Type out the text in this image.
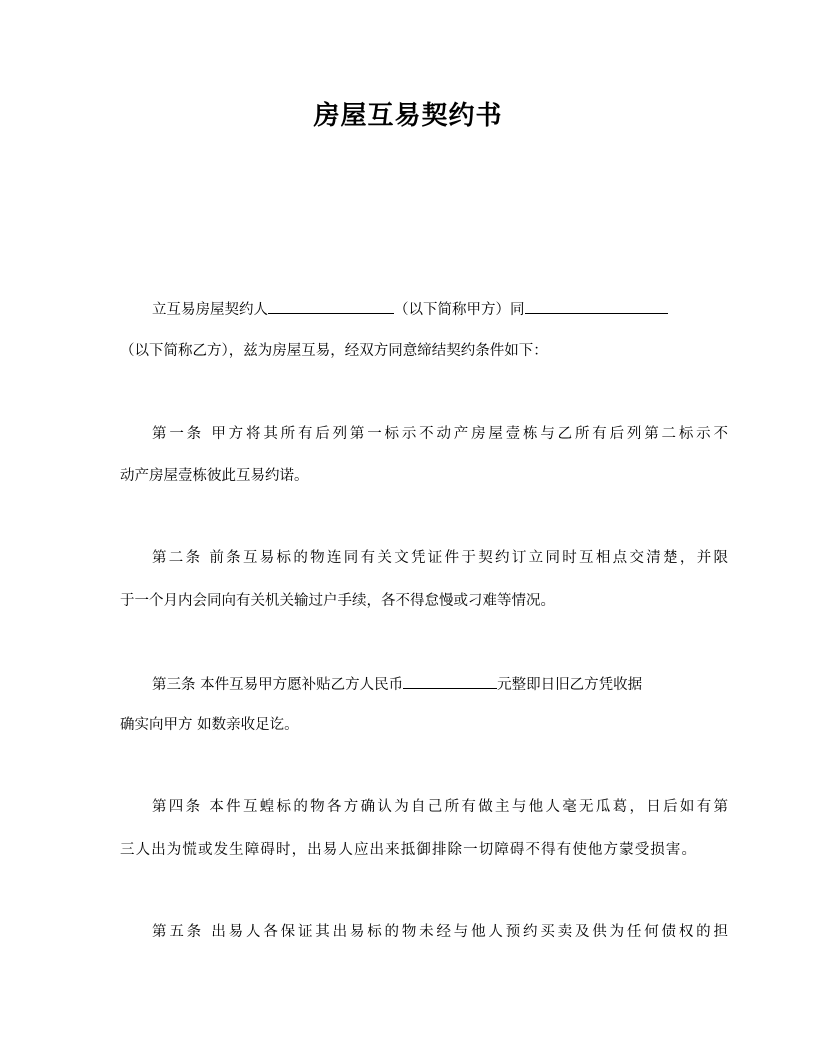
房屋互易契约书
立互易房屋契约人	（以下简称甲方）同
（以下简称乙方），兹为房屋互易，经双方同意缔结契约条件如下：
第一条 甲方将其所有后列第一标示不动产房屋壹栋与乙所有后列第二标示不
动产房屋壹栋彼此互易约诺。
第二条 前条互易标的物连同有关文凭证件于契约订立同时互相点交清楚，并限
于一个月内会同向有关机关输过户手续，各不得怠慢或刁难等情况。
第三条 本件互易甲方愿补贴乙方人民币	元整即日旧乙方凭收据
确实向甲方 如数亲收足讫。
第四条 本件互蝗标的物各方确认为自己所有做主与他人毫无瓜葛，日后如有第
三人出为慌或发生障碍时，出易人应出来抵御排除一切障碍不得有使他方蒙受损害。
第五条 出易人各保证其出易标的物未经与他人预约买卖及供为任何债权的担
